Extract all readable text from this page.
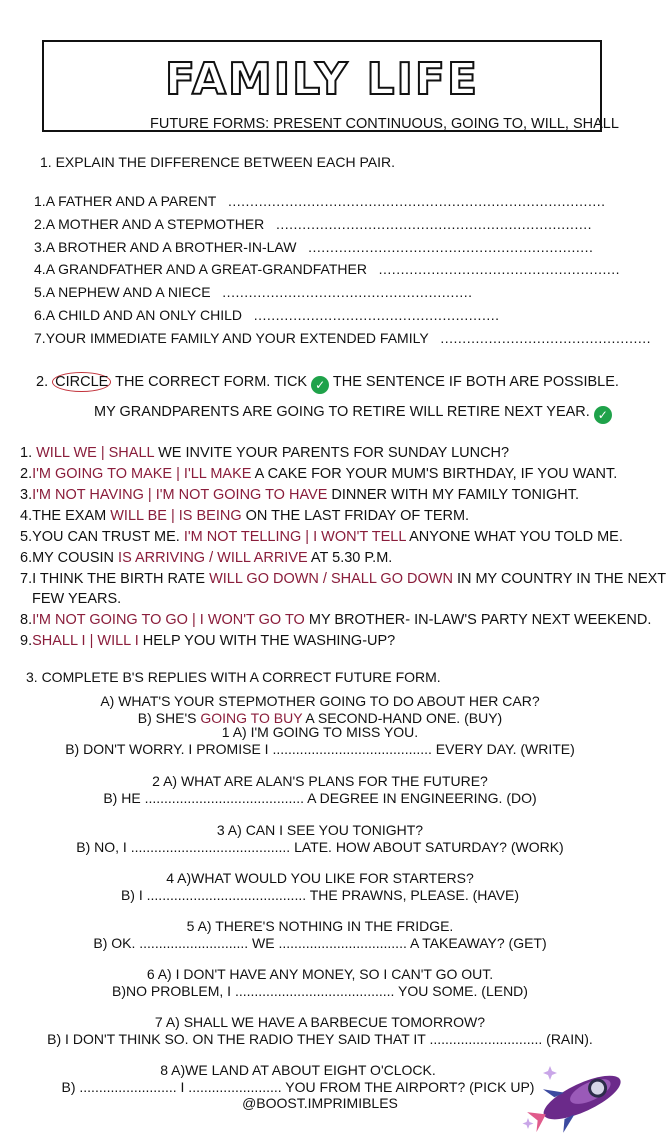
FAMILY LIFE
FUTURE FORMS: PRESENT CONTINUOUS, GOING TO, WILL, SHALL
1. EXPLAIN THE DIFFERENCE BETWEEN EACH PAIR.
1.A FATHER AND A PARENT ......................................................................................
2.A MOTHER AND A STEPMOTHER ........................................................................
3.A BROTHER AND A BROTHER-IN-LAW .................................................................
4.A GRANDFATHER AND A GREAT-GRANDFATHER .......................................................
5.A NEPHEW AND A NIECE .........................................................
6.A CHILD AND AN ONLY CHILD ........................................................
7.YOUR IMMEDIATE FAMILY AND YOUR EXTENDED FAMILY ................................................
2. CIRCLE THE CORRECT FORM. TICK ✓ THE SENTENCE IF BOTH ARE POSSIBLE.
MY GRANDPARENTS ARE GOING TO RETIRE WILL RETIRE NEXT YEAR. ✓
1. WILL WE | SHALL WE INVITE YOUR PARENTS FOR SUNDAY LUNCH?
2.I'M GOING TO MAKE | I'LL MAKE A CAKE FOR YOUR MUM'S BIRTHDAY, IF YOU WANT.
3.I'M NOT HAVING | I'M NOT GOING TO HAVE DINNER WITH MY FAMILY TONIGHT.
4.THE EXAM WILL BE | IS BEING ON THE LAST FRIDAY OF TERM.
5.YOU CAN TRUST ME. I'M NOT TELLING | I WON'T TELL ANYONE WHAT YOU TOLD ME.
6.MY COUSIN IS ARRIVING / WILL ARRIVE AT 5.30 P.M.
7.I THINK THE BIRTH RATE WILL GO DOWN / SHALL GO DOWN IN MY COUNTRY IN THE NEXT
FEW YEARS.
8.I'M NOT GOING TO GO | I WON'T GO TO MY BROTHER- IN-LAW'S PARTY NEXT WEEKEND.
9.SHALL I | WILL I HELP YOU WITH THE WASHING-UP?
3. COMPLETE B'S REPLIES WITH A CORRECT FUTURE FORM.
A) WHAT'S YOUR STEPMOTHER GOING TO DO ABOUT HER CAR?
B) SHE'S GOING TO BUY A SECOND-HAND ONE. (BUY)
1 A) I'M GOING TO MISS YOU.
B) DON'T WORRY. I PROMISE I ......................................... EVERY DAY. (WRITE)
2 A) WHAT ARE ALAN'S PLANS FOR THE FUTURE?
B) HE ......................................... A DEGREE IN ENGINEERING. (DO)
3 A) CAN I SEE YOU TONIGHT?
B) NO, I ......................................... LATE. HOW ABOUT SATURDAY? (WORK)
4 A)WHAT WOULD YOU LIKE FOR STARTERS?
B) I ......................................... THE PRAWNS, PLEASE. (HAVE)
5 A) THERE'S NOTHING IN THE FRIDGE.
B) OK. ............................ WE ................................. A TAKEAWAY? (GET)
6 A) I DON'T HAVE ANY MONEY, SO I CAN'T GO OUT.
B)NO PROBLEM, I ......................................... YOU SOME. (LEND)
7 A) SHALL WE HAVE A BARBECUE TOMORROW?
B) I DON'T THINK SO. ON THE RADIO THEY SAID THAT IT ............................. (RAIN).
8 A)WE LAND AT ABOUT EIGHT O'CLOCK.
B) ......................... I ........................ YOU FROM THE AIRPORT? (PICK UP)
@BOOST.IMPRIMIBLES
